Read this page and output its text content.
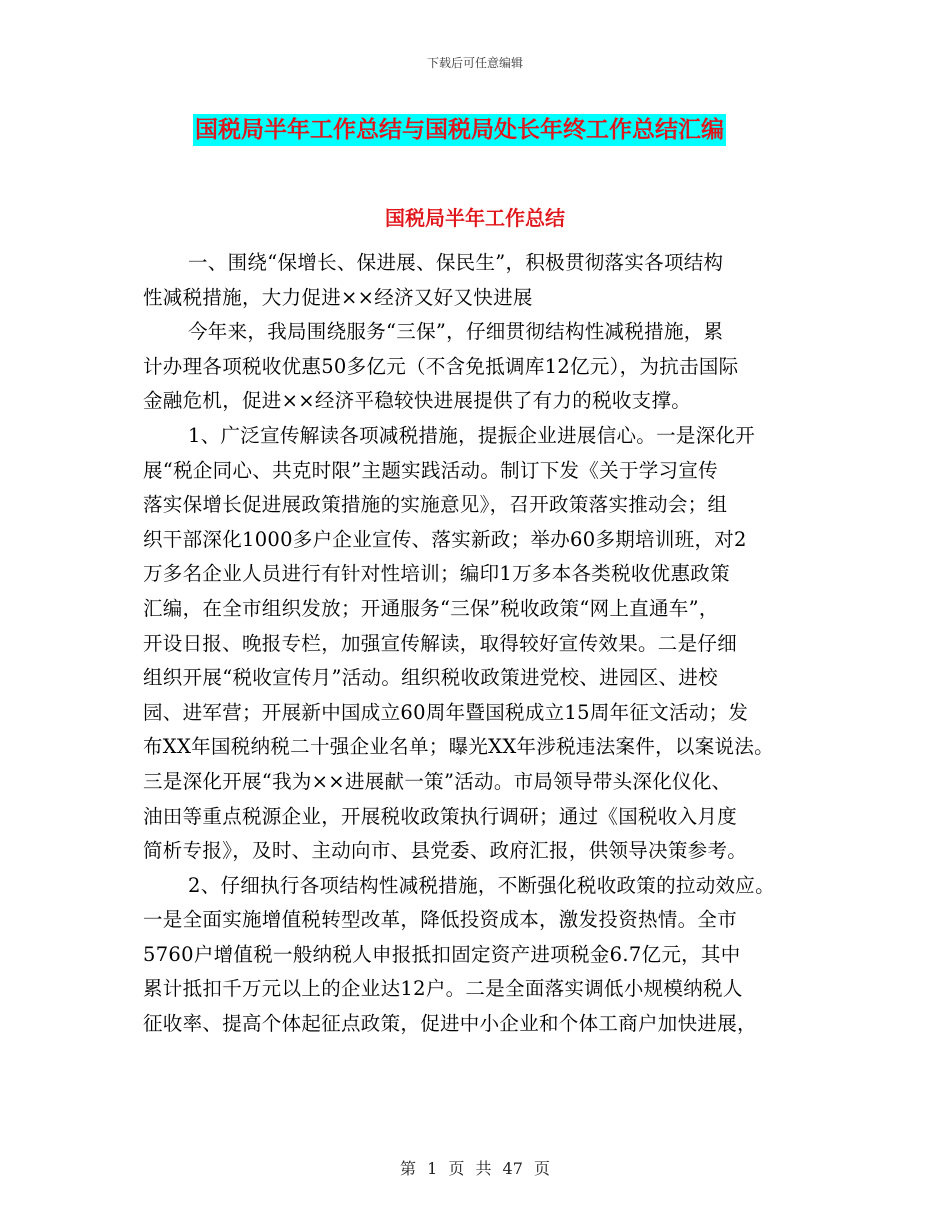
下载后可任意编辑
国税局半年工作总结与国税局处长年终工作总结汇编
国税局半年工作总结
一、围绕“保增长、保进展、保民生”，积极贯彻落实各项结构
性减税措施，大力促进××经济又好又快进展
今年来，我局围绕服务“三保”，仔细贯彻结构性减税措施，累
计办理各项税收优惠50多亿元（不含免抵调库12亿元），为抗击国际
金融危机，促进××经济平稳较快进展提供了有力的税收支撑。
1、广泛宣传解读各项减税措施，提振企业进展信心。一是深化开
展“税企同心、共克时限”主题实践活动。制订下发《关于学习宣传
落实保增长促进展政策措施的实施意见》，召开政策落实推动会；组
织干部深化1000多户企业宣传、落实新政；举办60多期培训班，对2
万多名企业人员进行有针对性培训；编印1万多本各类税收优惠政策
汇编，在全市组织发放；开通服务“三保”税收政策“网上直通车”，
开设日报、晚报专栏，加强宣传解读，取得较好宣传效果。二是仔细
组织开展“税收宣传月”活动。组织税收政策进党校、进园区、进校
园、进军营；开展新中国成立60周年暨国税成立15周年征文活动；发
布XX年国税纳税二十强企业名单；曝光XX年涉税违法案件，以案说法。
三是深化开展“我为××进展献一策”活动。市局领导带头深化仪化、
油田等重点税源企业，开展税收政策执行调研；通过《国税收入月度
简析专报》，及时、主动向市、县党委、政府汇报，供领导决策参考。
2、仔细执行各项结构性减税措施，不断强化税收政策的拉动效应。
一是全面实施增值税转型改革，降低投资成本，激发投资热情。全市
5760户增值税一般纳税人申报抵扣固定资产进项税金6.7亿元，其中
累计抵扣千万元以上的企业达12户。二是全面落实调低小规模纳税人
征收率、提高个体起征点政策，促进中小企业和个体工商户加快进展，
第 1 页 共 47 页
